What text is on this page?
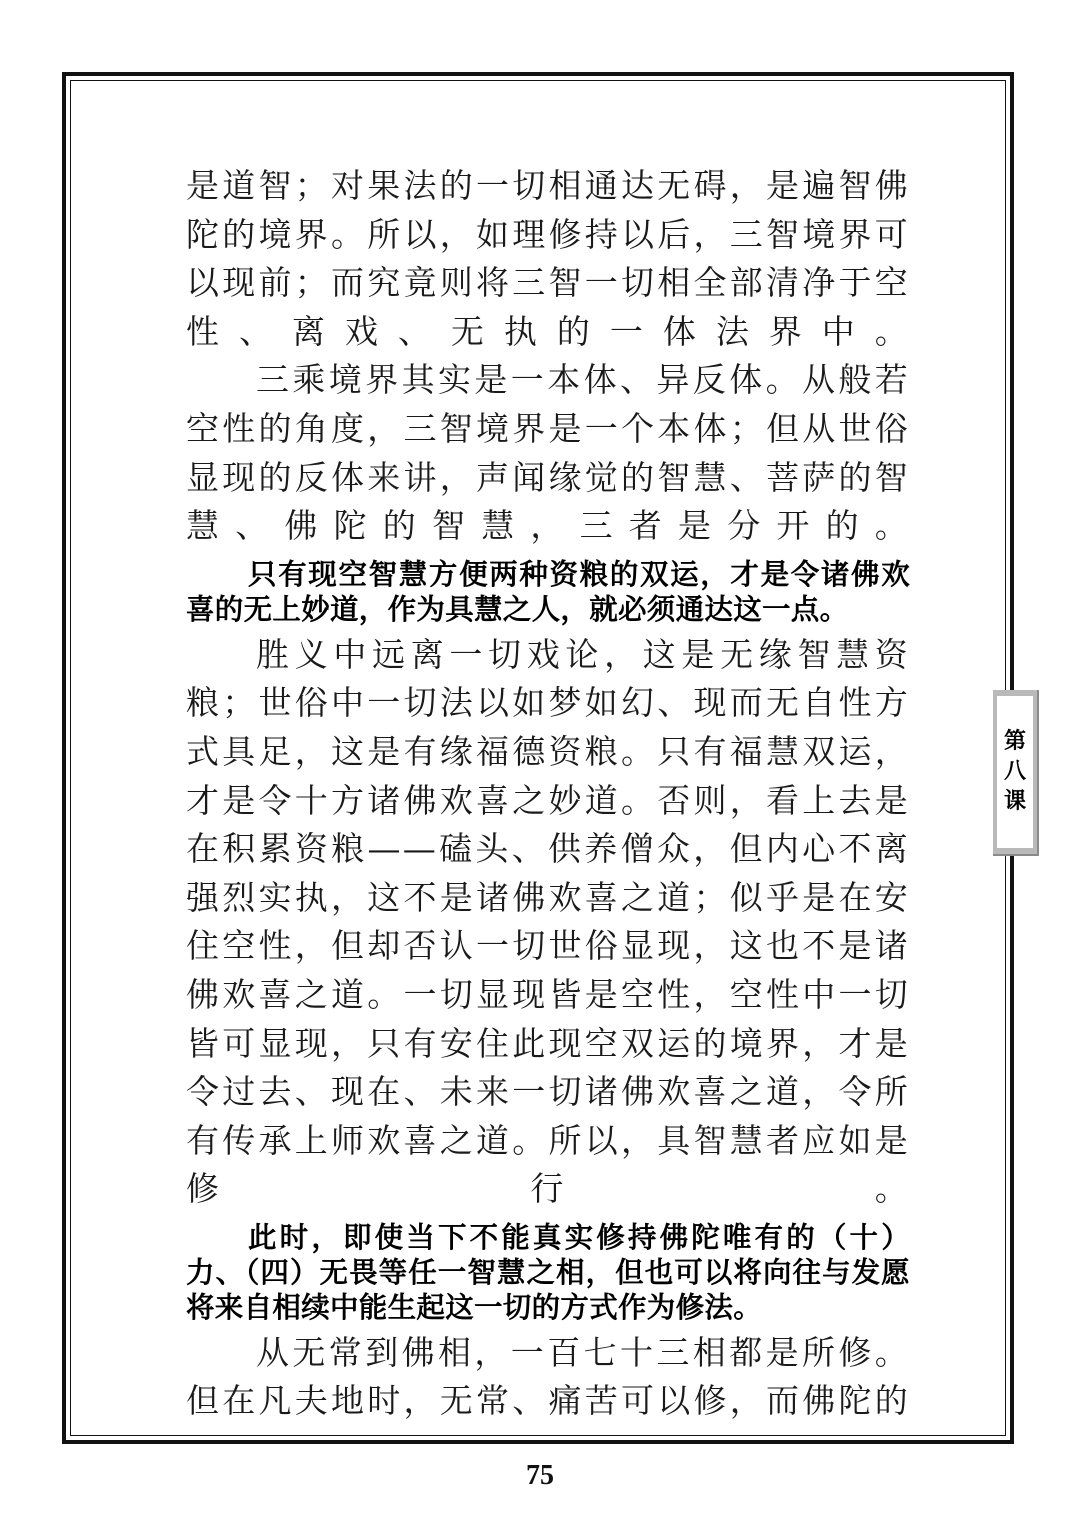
是道智；对果法的一切相通达无碍，是遍智佛陀的境界。所以，如理修持以后，三智境界可以现前；而究竟则将三智一切相全部清净于空性、离戏、无执的一体法界中。

三乘境界其实是一本体、异反体。从般若空性的角度，三智境界是一个本体；但从世俗显现的反体来讲，声闻缘觉的智慧、菩萨的智慧、佛陀的智慧，三者是分开的。

只有现空智慧方便两种资粮的双运，才是令诸佛欢喜的无上妙道，作为具慧之人，就必须通达这一点。

胜义中远离一切戏论，这是无缘智慧资粮；世俗中一切法以如梦如幻、现而无自性方式具足，这是有缘福德资粮。只有福慧双运，才是令十方诸佛欢喜之妙道。否则，看上去是在积累资粮——磕头、供养僧众，但内心不离强烈实执，这不是诸佛欢喜之道；似乎是在安住空性，但却否认一切世俗显现，这也不是诸佛欢喜之道。一切显现皆是空性，空性中一切皆可显现，只有安住此现空双运的境界，才是令过去、现在、未来一切诸佛欢喜之道，令所有传承上师欢喜之道。所以，具智慧者应如是修行。

此时，即使当下不能真实修持佛陀唯有的（十）力、（四）无畏等任一智慧之相，但也可以将向往与发愿将来自相续中能生起这一切的方式作为修法。

从无常到佛相，一百七十三相都是所修。但在凡夫地时，无常、痛苦可以修，而佛陀的

第
八
课
75
